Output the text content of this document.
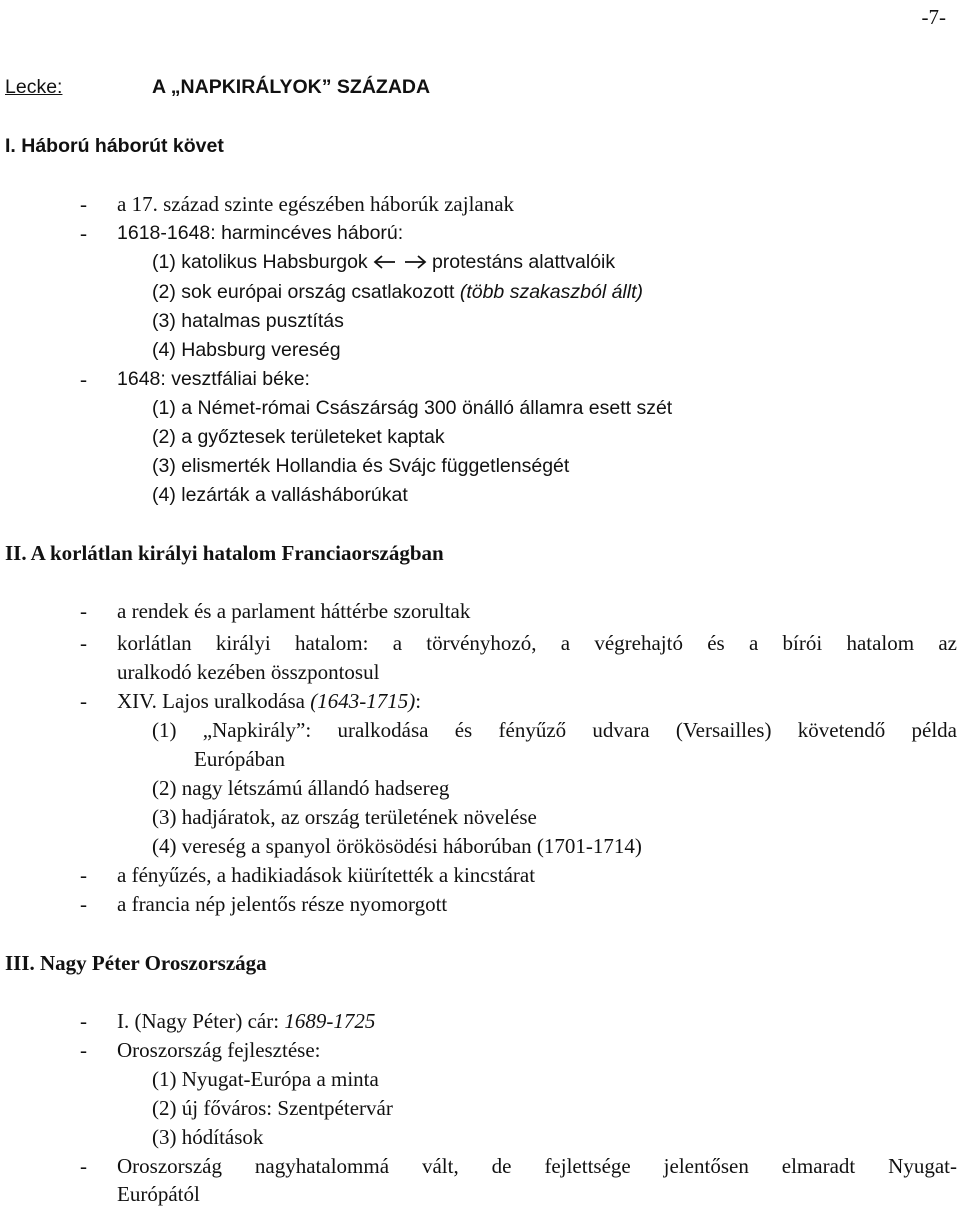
-7-
Lecke:	A „NAPKIRÁLYOK” SZÁZADA
I. Háború háborút követ
- a 17. század szinte egészében háborúk zajlanak
- 1618-1648: harmincéves háború:
(1) katolikus Habsburgok	protestáns alattvalóik
(2) sok európai ország csatlakozott (több szakaszból állt)
(3) hatalmas pusztítás
(4) Habsburg vereség
- 1648: vesztfáliai béke:
(1) a Német-római Császárság 300 önálló államra esett szét
(2) a győztesek területeket kaptak
(3) elismerték Hollandia és Svájc függetlenségét
(4) lezárták a vallásháborúkat
II. A korlátlan királyi hatalom Franciaországban
- a rendek és a parlament háttérbe szorultak
- korlátlan királyi hatalom: a törvényhozó, a végrehajtó és a bírói hatalom az
uralkodó kezében összpontosul
- XIV. Lajos uralkodása (1643-1715):
(1) „Napkirály”: uralkodása és fényűző udvara (Versailles) követendő példa
Európában
(2) nagy létszámú állandó hadsereg
(3) hadjáratok, az ország területének növelése
(4) vereség a spanyol örökösödési háborúban (1701-1714)
- a fényűzés, a hadikiadások kiürítették a kincstárat
- a francia nép jelentős része nyomorgott
III. Nagy Péter Oroszországa
- I. (Nagy Péter) cár: 1689-1725
- Oroszország fejlesztése:
(1) Nyugat-Európa a minta
(2) új főváros: Szentpétervár
(3) hódítások
- Oroszország nagyhatalommá vált, de fejlettsége jelentősen elmaradt Nyugat-
Európától
